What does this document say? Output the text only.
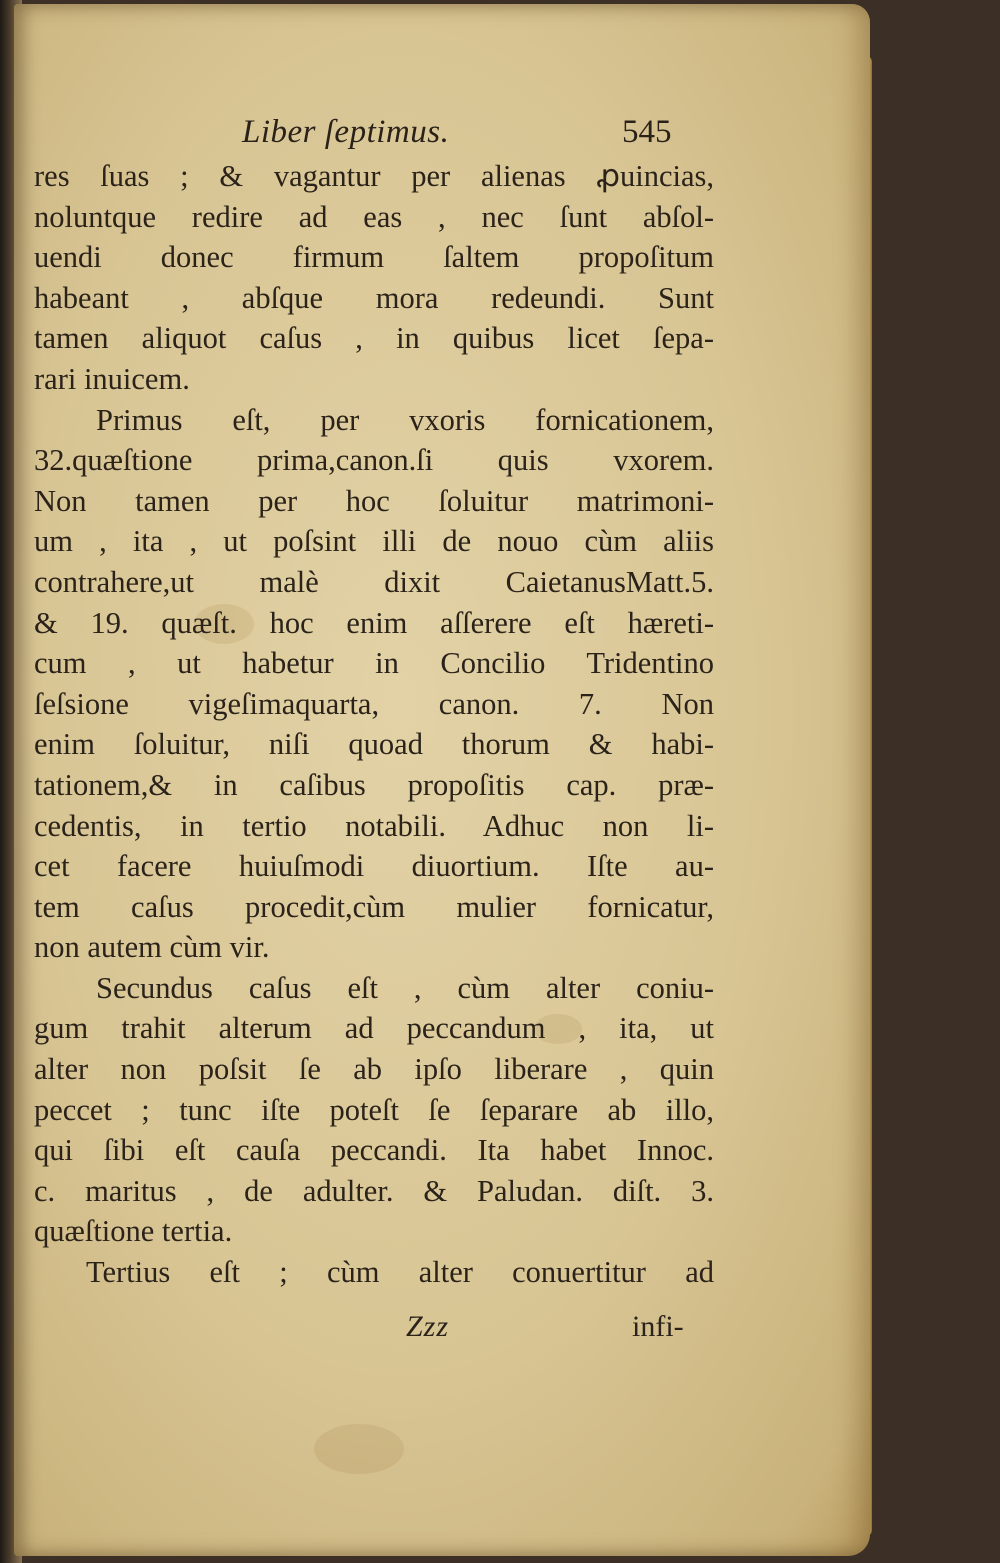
Liber ſeptimus.	545
res ſuas ; & vagantur per alienas ꝓuincias,
noluntque redire ad eas , nec ſunt abſol-
uendi donec firmum ſaltem propoſitum
habeant , abſque mora redeundi. Sunt
tamen aliquot caſus , in quibus licet ſepa-
rari inuicem.
Primus eſt, per vxoris fornicationem,
32.quæſtione prima,canon.ſi quis vxorem.
Non tamen per hoc ſoluitur matrimoni-
um , ita , ut poſsint illi de nouo cùm aliis
contrahere,ut malè dixit CaietanusMatt.5.
& 19. quæſt. hoc enim aſſerere eſt hæreti-
cum , ut habetur in Concilio Tridentino
ſeſsione vigeſimaquarta, canon. 7. Non
enim ſoluitur, niſi quoad thorum & habi-
tationem,& in caſibus propoſitis cap. præ-
cedentis, in tertio notabili. Adhuc non li-
cet facere huiuſmodi diuortium. Iſte au-
tem caſus procedit,cùm mulier fornicatur,
non autem cùm vir.
Secundus caſus eſt , cùm alter coniu-
gum trahit alterum ad peccandum , ita, ut
alter non poſsit ſe ab ipſo liberare , quin
peccet ; tunc iſte poteſt ſe ſeparare ab illo,
qui ſibi eſt cauſa peccandi. Ita habet Innoc.
c. maritus , de adulter. & Paludan. diſt. 3.
quæſtione tertia.
Tertius eſt ; cùm alter conuertitur ad
Zzz	infi-
